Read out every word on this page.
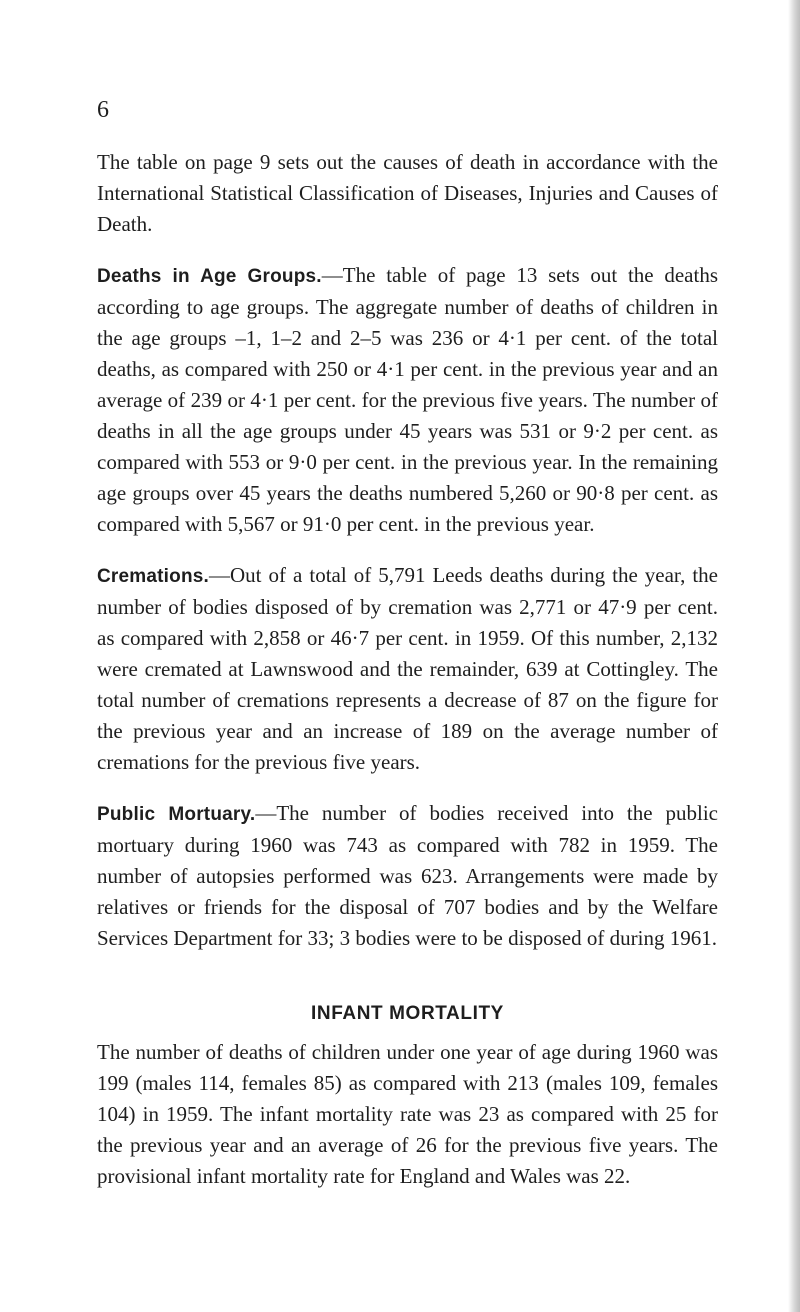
6

The table on page 9 sets out the causes of death in accordance with the International Statistical Classification of Diseases, Injuries and Causes of Death.

Deaths in Age Groups.—The table of page 13 sets out the deaths according to age groups. The aggregate number of deaths of children in the age groups –1, 1–2 and 2–5 was 236 or 4·1 per cent. of the total deaths, as compared with 250 or 4·1 per cent. in the previous year and an average of 239 or 4·1 per cent. for the previous five years. The number of deaths in all the age groups under 45 years was 531 or 9·2 per cent. as compared with 553 or 9·0 per cent. in the previous year. In the remaining age groups over 45 years the deaths numbered 5,260 or 90·8 per cent. as compared with 5,567 or 91·0 per cent. in the previous year.

Cremations.—Out of a total of 5,791 Leeds deaths during the year, the number of bodies disposed of by cremation was 2,771 or 47·9 per cent. as compared with 2,858 or 46·7 per cent. in 1959. Of this number, 2,132 were cremated at Lawnswood and the remainder, 639 at Cottingley. The total number of cremations represents a decrease of 87 on the figure for the previous year and an increase of 189 on the average number of cremations for the previous five years.

Public Mortuary.—The number of bodies received into the public mortuary during 1960 was 743 as compared with 782 in 1959. The number of autopsies performed was 623. Arrangements were made by relatives or friends for the disposal of 707 bodies and by the Welfare Services Department for 33; 3 bodies were to be disposed of during 1961.

INFANT MORTALITY

The number of deaths of children under one year of age during 1960 was 199 (males 114, females 85) as compared with 213 (males 109, females 104) in 1959. The infant mortality rate was 23 as compared with 25 for the previous year and an average of 26 for the previous five years. The provisional infant mortality rate for England and Wales was 22.
